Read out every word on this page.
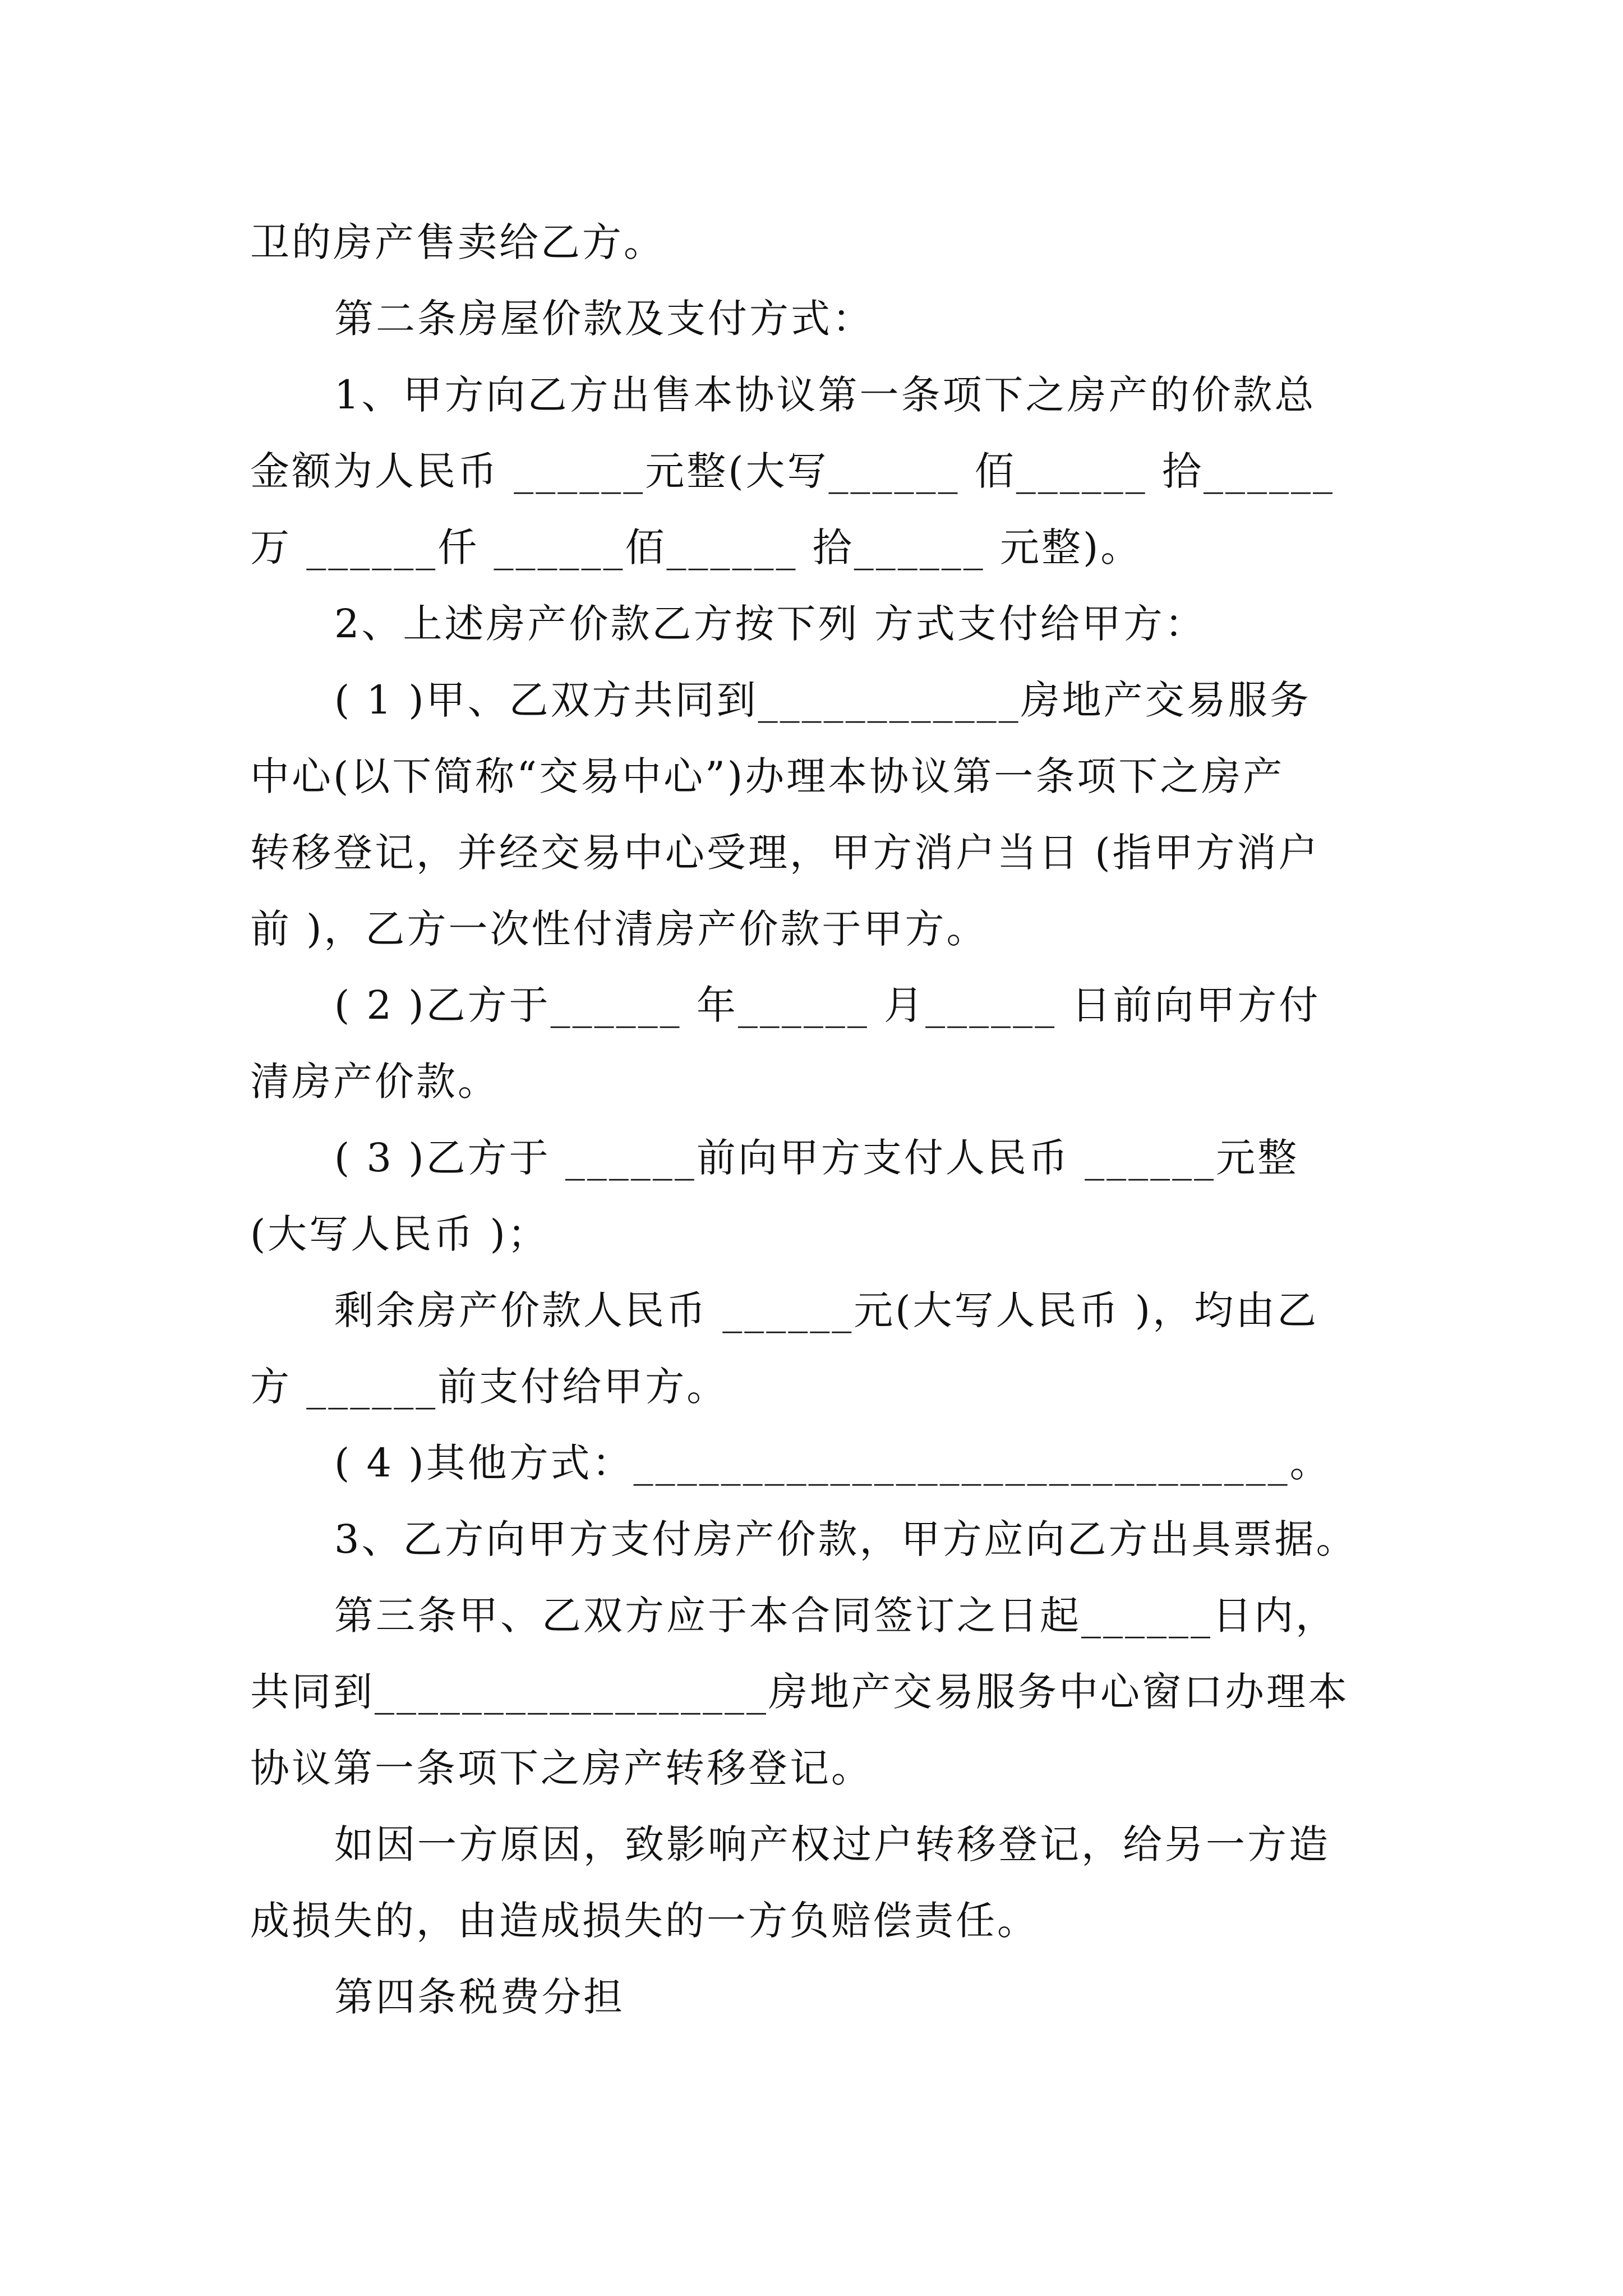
卫的房产售卖给乙方。
第二条房屋价款及支付方式：
1、甲方向乙方出售本协议第一条项下之房产的价款总
金额为人民币 ______元整(大写______ 佰______ 拾______
万 ______仟 ______佰______ 拾______ 元整)。
2、上述房产价款乙方按下列 方式支付给甲方：
( 1 )甲、乙双方共同到____________房地产交易服务
中心(以下简称“交易中心”)办理本协议第一条项下之房产
转移登记，并经交易中心受理，甲方消户当日 (指甲方消户
前 )，乙方一次性付清房产价款于甲方。
( 2 )乙方于______ 年______ 月______ 日前向甲方付
清房产价款。
( 3 )乙方于 ______前向甲方支付人民币 ______元整
(大写人民币 )；
剩余房产价款人民币 ______元(大写人民币 )，均由乙
方 ______前支付给甲方。
( 4 )其他方式：______________________________。
3、乙方向甲方支付房产价款，甲方应向乙方出具票据。
第三条甲、乙双方应于本合同签订之日起______日内，
共同到__________________房地产交易服务中心窗口办理本
协议第一条项下之房产转移登记。
如因一方原因，致影响产权过户转移登记，给另一方造
成损失的，由造成损失的一方负赔偿责任。
第四条税费分担
